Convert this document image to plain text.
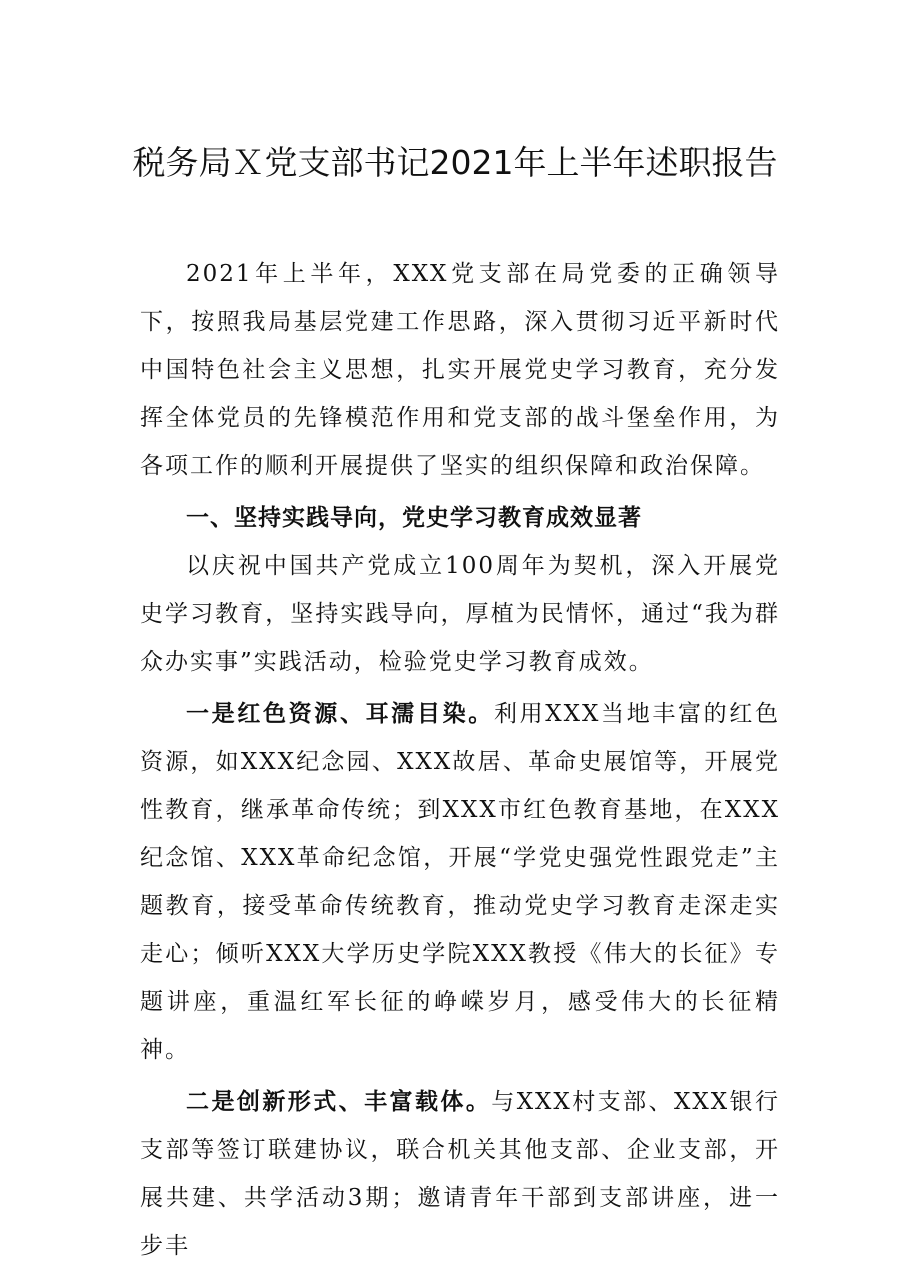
税务局Ｘ党支部书记2021年上半年述职报告

2021年上半年，XXX党支部在局党委的正确领导下，按照我局基层党建工作思路，深入贯彻习近平新时代中国特色社会主义思想，扎实开展党史学习教育，充分发挥全体党员的先锋模范作用和党支部的战斗堡垒作用，为各项工作的顺利开展提供了坚实的组织保障和政治保障。

一、坚持实践导向，党史学习教育成效显著

以庆祝中国共产党成立100周年为契机，深入开展党史学习教育，坚持实践导向，厚植为民情怀，通过“我为群众办实事”实践活动，检验党史学习教育成效。

一是红色资源、耳濡目染。利用XXX当地丰富的红色资源，如XXX纪念园、XXX故居、革命史展馆等，开展党性教育，继承革命传统；到XXX市红色教育基地，在XXX纪念馆、XXX革命纪念馆，开展“学党史强党性跟党走”主题教育，接受革命传统教育，推动党史学习教育走深走实走心；倾听XXX大学历史学院XXX教授《伟大的长征》专题讲座，重温红军长征的峥嵘岁月，感受伟大的长征精神。

二是创新形式、丰富载体。与XXX村支部、XXX银行支部等签订联建协议，联合机关其他支部、企业支部，开展共建、共学活动3期；邀请青年干部到支部讲座，进一步丰
